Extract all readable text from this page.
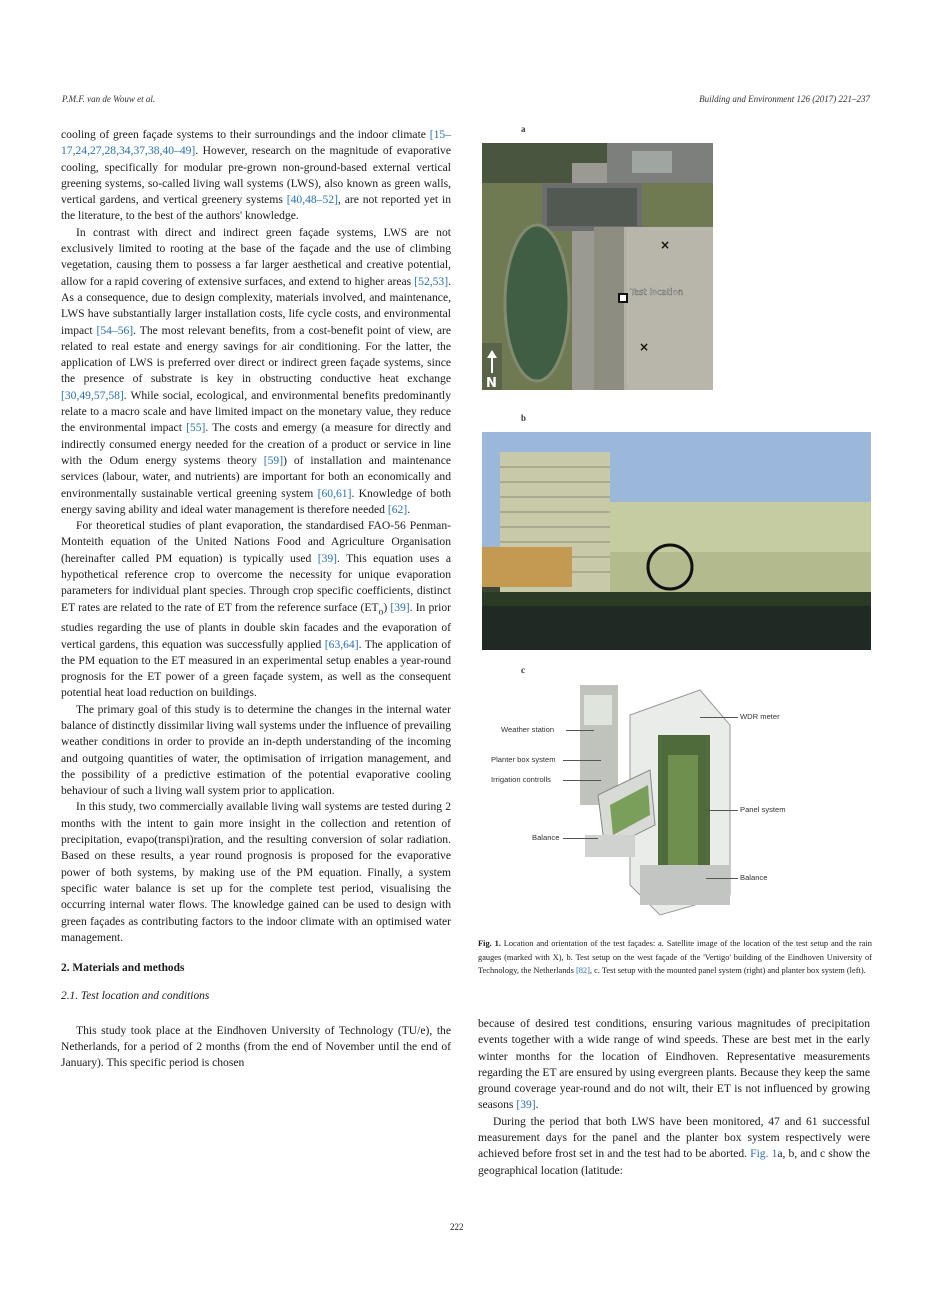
P.M.F. van de Wouw et al.	Building and Environment 126 (2017) 221–237

cooling of green façade systems to their surroundings and the indoor climate [15–17,24,27,28,34,37,38,40–49]. However, research on the magnitude of evaporative cooling, specifically for modular pre-grown non-ground-based external vertical greening systems, so-called living wall systems (LWS), also known as green walls, vertical gardens, and vertical greenery systems [40,48–52], are not reported yet in the literature, to the best of the authors' knowledge.

In contrast with direct and indirect green façade systems, LWS are not exclusively limited to rooting at the base of the façade and the use of climbing vegetation, causing them to possess a far larger aesthetical and creative potential, allow for a rapid covering of extensive surfaces, and extend to higher areas [52,53]. As a consequence, due to design complexity, materials involved, and maintenance, LWS have substantially larger installation costs, life cycle costs, and environmental impact [54–56]. The most relevant benefits, from a cost-benefit point of view, are related to real estate and energy savings for air conditioning. For the latter, the application of LWS is preferred over direct or indirect green façade systems, since the presence of substrate is key in obstructing conductive heat exchange [30,49,57,58]. While social, ecological, and environmental benefits predominantly relate to a macro scale and have limited impact on the monetary value, they reduce the environmental impact [55]. The costs and emergy (a measure for directly and indirectly consumed energy needed for the creation of a product or service in line with the Odum energy systems theory [59]) of installation and maintenance services (labour, water, and nutrients) are important for both an economically and environmentally sustainable vertical greening system [60,61]. Knowledge of both energy saving ability and ideal water management is therefore needed [62].

For theoretical studies of plant evaporation, the standardised FAO-56 Penman-Monteith equation of the United Nations Food and Agriculture Organisation (hereinafter called PM equation) is typically used [39]. This equation uses a hypothetical reference crop to overcome the necessity for unique evaporation parameters for individual plant species. Through crop specific coefficients, distinct ET rates are related to the rate of ET from the reference surface $(ET_o)$ [39]. In prior studies regarding the use of plants in double skin facades and the evaporation of vertical gardens, this equation was successfully applied [63,64]. The application of the PM equation to the ET measured in an experimental setup enables a year-round prognosis for the ET power of a green façade system, as well as the consequent potential heat load reduction on buildings.

The primary goal of this study is to determine the changes in the internal water balance of distinctly dissimilar living wall systems under the influence of prevailing weather conditions in order to provide an in-depth understanding of the incoming and outgoing quantities of water, the optimisation of irrigation management, and the possibility of a predictive estimation of the potential evaporative cooling behaviour of such a living wall system prior to application.

In this study, two commercially available living wall systems are tested during 2 months with the intent to gain more insight in the collection and retention of precipitation, evapo(transpi)ration, and the resulting conversion of solar radiation. Based on these results, a year round prognosis is proposed for the evaporative power of both systems, by making use of the PM equation. Finally, a system specific water balance is set up for the complete test period, visualising the occurring internal water flows. The knowledge gained can be used to design with green façades as contributing factors to the indoor climate with an optimised water management.

2. Materials and methods
2.1. Test location and conditions

This study took place at the Eindhoven University of Technology (TU/e), the Netherlands, for a period of 2 months (from the end of November until the end of January). This specific period is chosen

a
b
c
×
×
Test location
N
Weather station
Planter box system
Irrigation controlls
Balance
WDR meter
Panel system
Balance
Fig. 1. Location and orientation of the test façades: a. Satellite image of the location of the test setup and the rain gauges (marked with X), b. Test setup on the west façade of the 'Vertigo' building of the Eindhoven University of Technology, the Netherlands [82], c. Test setup with the mounted panel system (right) and planter box system (left).

because of desired test conditions, ensuring various magnitudes of precipitation events together with a wide range of wind speeds. These are best met in the early winter months for the location of Eindhoven. Representative measurements regarding the ET are ensured by using evergreen plants. Because they keep the same ground coverage year-round and do not wilt, their ET is not influenced by growing seasons [39].

During the period that both LWS have been monitored, 47 and 61 successful measurement days for the panel and the planter box system respectively were achieved before frost set in and the test had to be aborted. Fig. 1a, b, and c show the geographical location (latitude:

222
